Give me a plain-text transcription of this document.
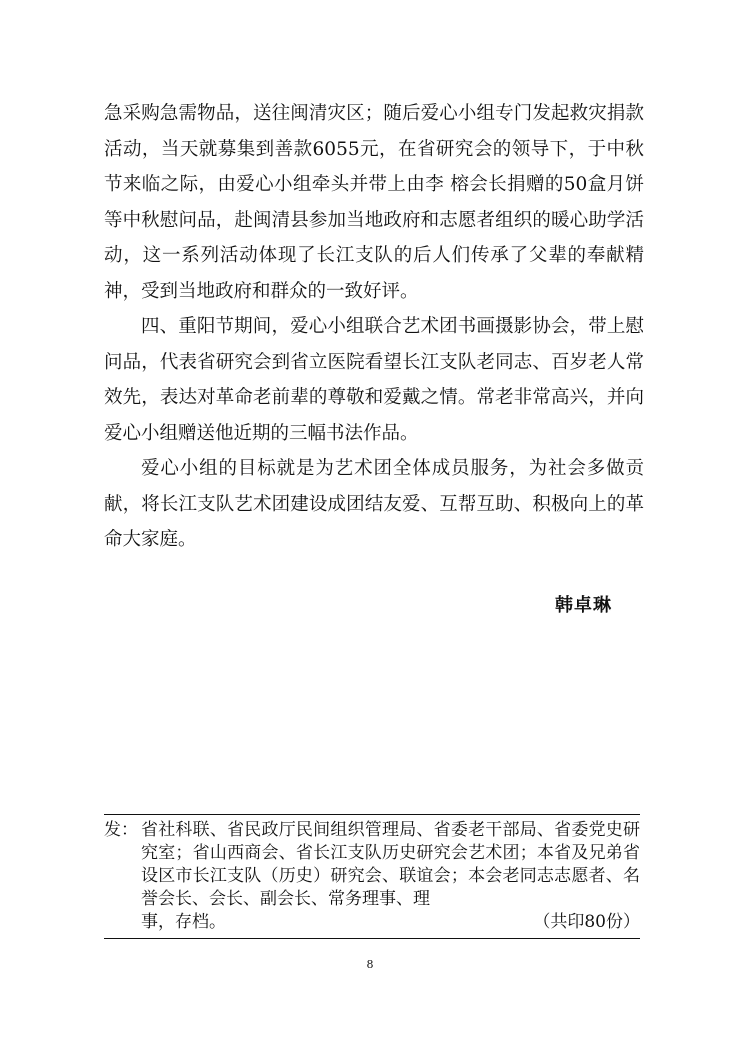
急采购急需物品，送往闽清灾区；随后爱心小组专门发起救灾捐款活动，当天就募集到善款6055元，在省研究会的领导下，于中秋节来临之际，由爱心小组牵头并带上由李 榕会长捐赠的50盒月饼等中秋慰问品，赴闽清县参加当地政府和志愿者组织的暖心助学活动，这一系列活动体现了长江支队的后人们传承了父辈的奉献精神，受到当地政府和群众的一致好评。

四、重阳节期间，爱心小组联合艺术团书画摄影协会，带上慰问品，代表省研究会到省立医院看望长江支队老同志、百岁老人常效先，表达对革命老前辈的尊敬和爱戴之情。常老非常高兴，并向爱心小组赠送他近期的三幅书法作品。

爱心小组的目标就是为艺术团全体成员服务，为社会多做贡献，将长江支队艺术团建设成团结友爱、互帮互助、积极向上的革命大家庭。

韩卓琳
发： 省社科联、省民政厅民间组织管理局、省委老干部局、省委党史研究室；省山西商会、省长江支队历史研究会艺术团；本省及兄弟省设区市长江支队（历史）研究会、联谊会；本会老同志志愿者、名誉会长、会长、副会长、常务理事、理
事，存档。	（共印80份）
8
